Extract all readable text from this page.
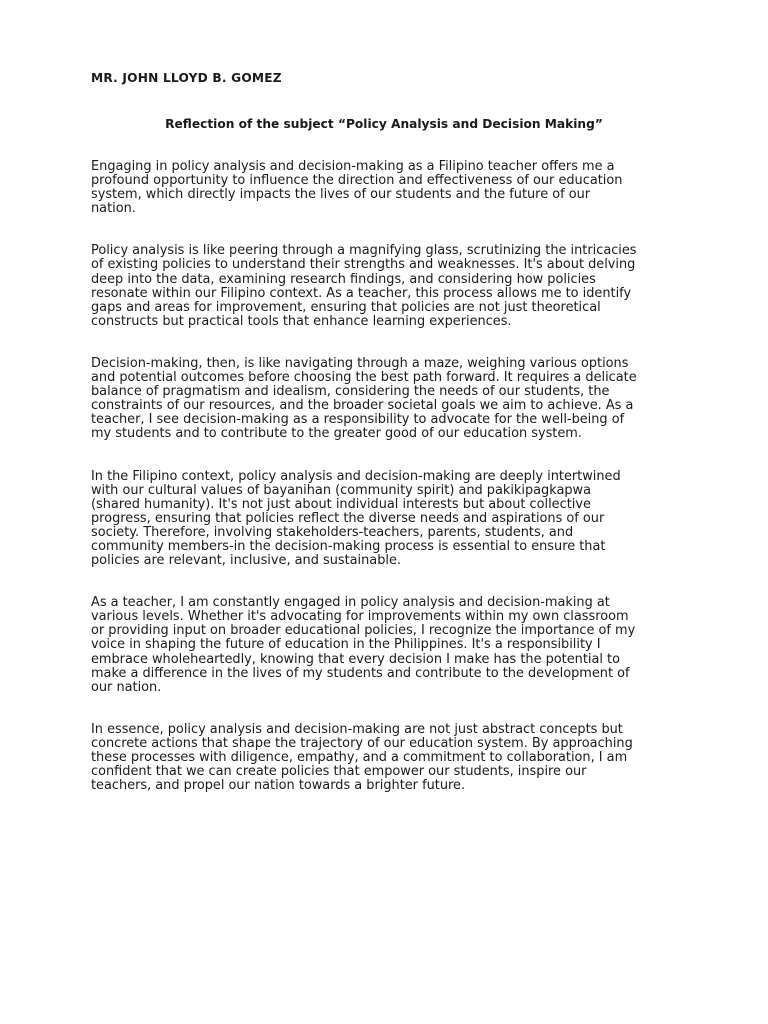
MR. JOHN LLOYD B. GOMEZ
Reflection of the subject “Policy Analysis and Decision Making”

Engaging in policy analysis and decision-making as a Filipino teacher offers me a
profound opportunity to influence the direction and effectiveness of our education
system, which directly impacts the lives of our students and the future of our
nation.

Policy analysis is like peering through a magnifying glass, scrutinizing the intricacies
of existing policies to understand their strengths and weaknesses. It's about delving
deep into the data, examining research findings, and considering how policies
resonate within our Filipino context. As a teacher, this process allows me to identify
gaps and areas for improvement, ensuring that policies are not just theoretical
constructs but practical tools that enhance learning experiences.

Decision-making, then, is like navigating through a maze, weighing various options
and potential outcomes before choosing the best path forward. It requires a delicate
balance of pragmatism and idealism, considering the needs of our students, the
constraints of our resources, and the broader societal goals we aim to achieve. As a
teacher, I see decision-making as a responsibility to advocate for the well-being of
my students and to contribute to the greater good of our education system.

In the Filipino context, policy analysis and decision-making are deeply intertwined
with our cultural values of bayanihan (community spirit) and pakikipagkapwa
(shared humanity). It's not just about individual interests but about collective
progress, ensuring that policies reflect the diverse needs and aspirations of our
society. Therefore, involving stakeholders-teachers, parents, students, and
community members-in the decision-making process is essential to ensure that
policies are relevant, inclusive, and sustainable.

As a teacher, I am constantly engaged in policy analysis and decision-making at
various levels. Whether it's advocating for improvements within my own classroom
or providing input on broader educational policies, I recognize the importance of my
voice in shaping the future of education in the Philippines. It's a responsibility I
embrace wholeheartedly, knowing that every decision I make has the potential to
make a difference in the lives of my students and contribute to the development of
our nation.

In essence, policy analysis and decision-making are not just abstract concepts but
concrete actions that shape the trajectory of our education system. By approaching
these processes with diligence, empathy, and a commitment to collaboration, I am
confident that we can create policies that empower our students, inspire our
teachers, and propel our nation towards a brighter future.
